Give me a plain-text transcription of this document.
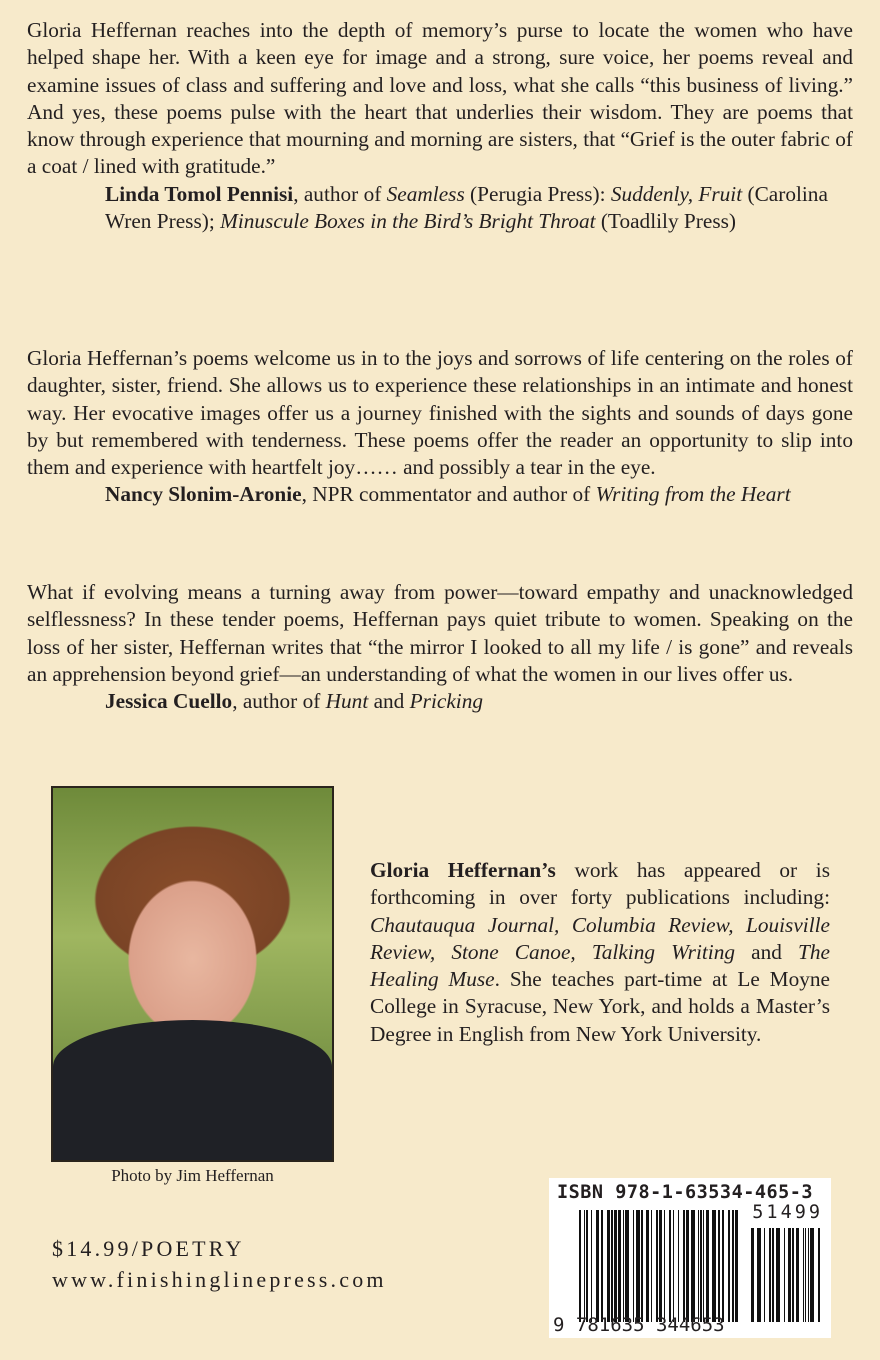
Gloria Heffernan reaches into the depth of memory’s purse to locate the women who have helped shape her. With a keen eye for image and a strong, sure voice, her poems reveal and examine issues of class and suffering and love and loss, what she calls “this business of living.” And yes, these poems pulse with the heart that underlies their wisdom. They are poems that know through experience that mourning and morning are sisters, that “Grief is the outer fabric of a coat / lined with gratitude.”
Linda Tomol Pennisi, author of Seamless (Perugia Press): Suddenly, Fruit (Carolina Wren Press); Minuscule Boxes in the Bird’s Bright Throat (Toadlily Press)
Gloria Heffernan’s poems welcome us in to the joys and sorrows of life centering on the roles of daughter, sister, friend. She allows us to experience these relationships in an intimate and honest way. Her evocative images offer us a journey finished with the sights and sounds of days gone by but remembered with tenderness. These poems offer the reader an opportunity to slip into them and experience with heartfelt joy…… and possibly a tear in the eye.
Nancy Slonim-Aronie, NPR commentator and author of Writing from the Heart
What if evolving means a turning away from power—toward empathy and unacknowledged selflessness? In these tender poems, Heffernan pays quiet tribute to women. Speaking on the loss of her sister, Heffernan writes that “the mirror I looked to all my life / is gone” and reveals an apprehension beyond grief—an understanding of what the women in our lives offer us.
Jessica Cuello, author of Hunt and Pricking
Photo by Jim Heffernan
Gloria Heffernan’s work has appeared or is forthcoming in over forty publications including: Chautauqua Journal, Columbia Review, Louisville Review, Stone Canoe, Talking Writing and The Healing Muse. She teaches part-time at Le Moyne College in Syracuse, New York, and holds a Master’s Degree in English from New York University.
$14.99/POETRY
www.finishinglinepress.com
ISBN 978-1-63534-465-3
51499
9 781635 344653
